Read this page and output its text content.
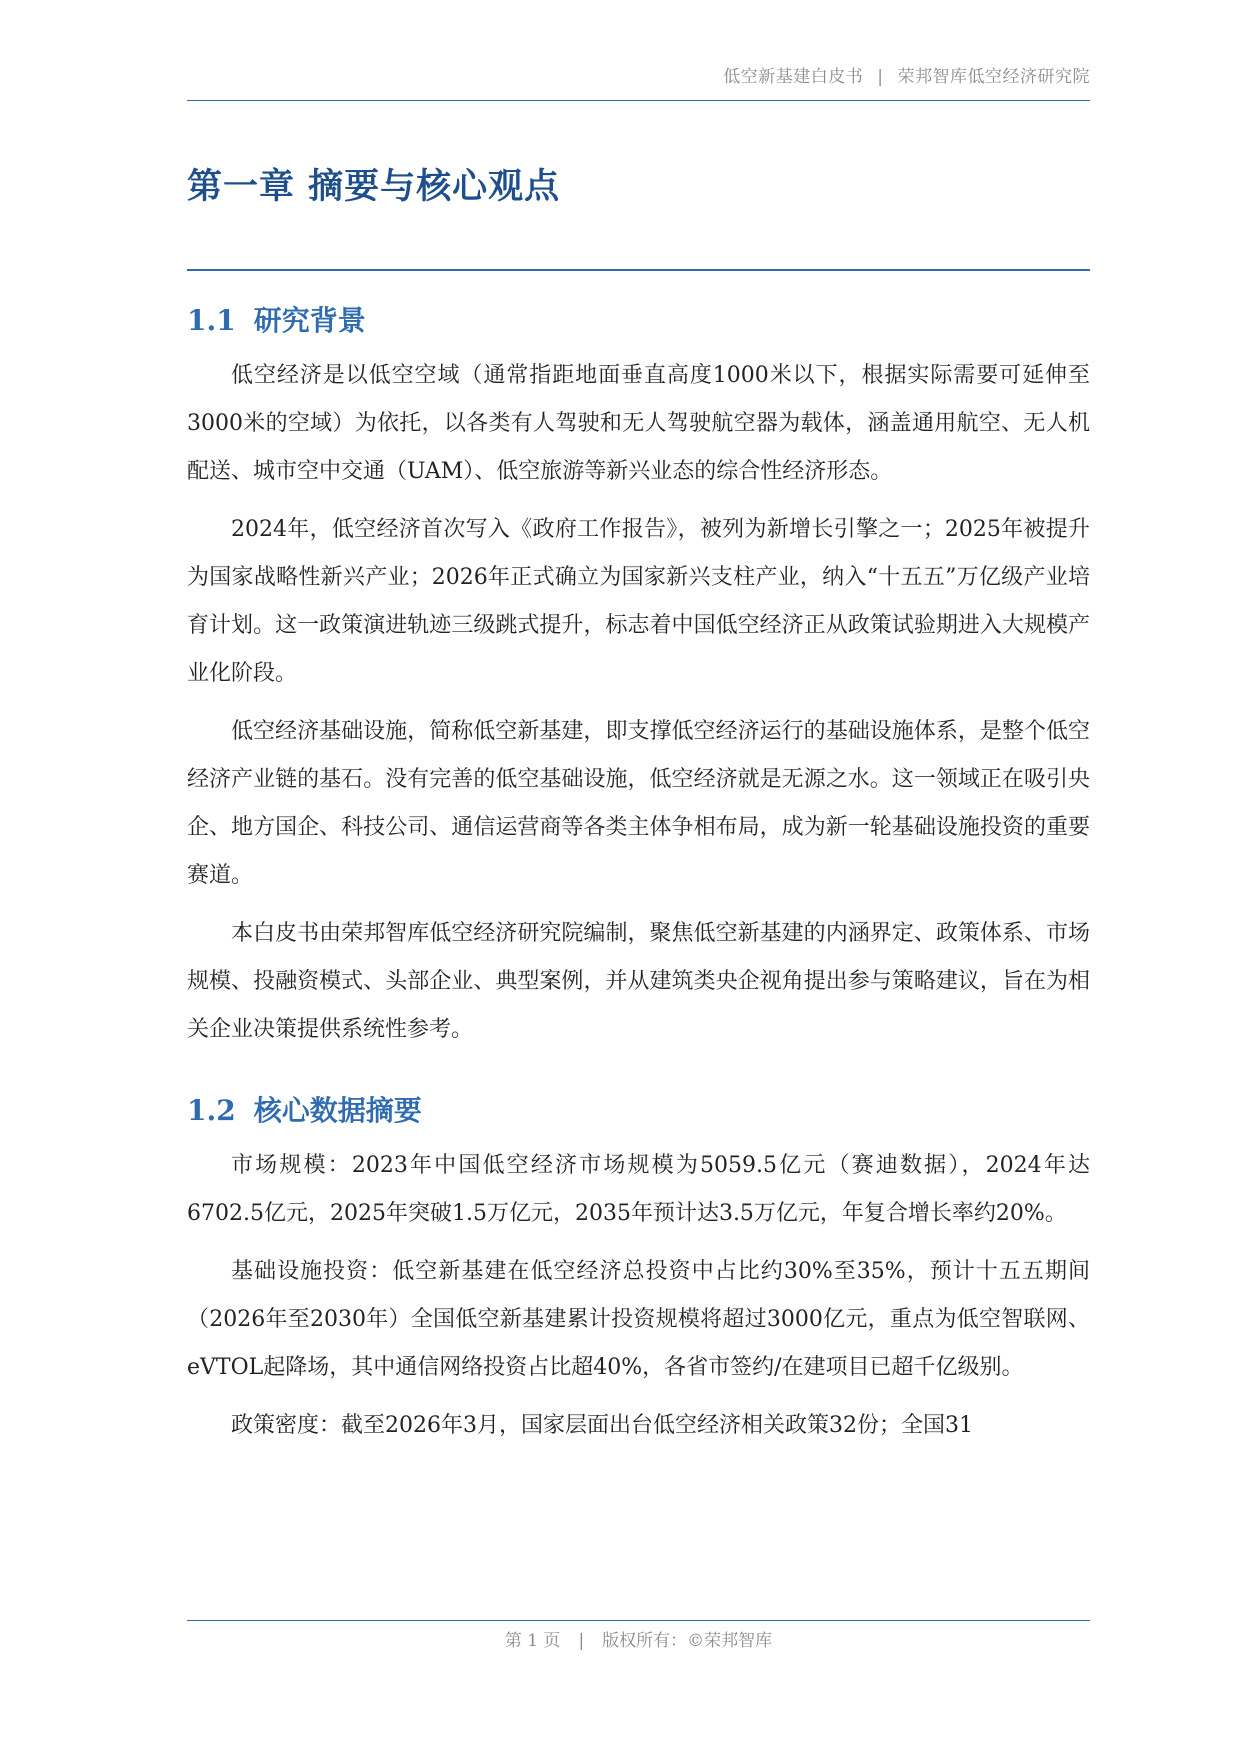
低空新基建白皮书 | 荣邦智库低空经济研究院
第一章 摘要与核心观点
1.1 研究背景

低空经济是以低空空域（通常指距地面垂直高度1000米以下，根据实际需要可延伸至3000米的空域）为依托，以各类有人驾驶和无人驾驶航空器为载体，涵盖通用航空、无人机配送、城市空中交通（UAM）、低空旅游等新兴业态的综合性经济形态。

2024年，低空经济首次写入《政府工作报告》，被列为新增长引擎之一；2025年被提升为国家战略性新兴产业；2026年正式确立为国家新兴支柱产业，纳入“十五五”万亿级产业培育计划。这一政策演进轨迹三级跳式提升，标志着中国低空经济正从政策试验期进入大规模产业化阶段。

低空经济基础设施，简称低空新基建，即支撑低空经济运行的基础设施体系，是整个低空经济产业链的基石。没有完善的低空基础设施，低空经济就是无源之水。这一领域正在吸引央企、地方国企、科技公司、通信运营商等各类主体争相布局，成为新一轮基础设施投资的重要赛道。

本白皮书由荣邦智库低空经济研究院编制，聚焦低空新基建的内涵界定、政策体系、市场规模、投融资模式、头部企业、典型案例，并从建筑类央企视角提出参与策略建议，旨在为相关企业决策提供系统性参考。

1.2 核心数据摘要

市场规模：2023年中国低空经济市场规模为5059.5亿元（赛迪数据），2024年达6702.5亿元，2025年突破1.5万亿元，2035年预计达3.5万亿元，年复合增长率约20%。

基础设施投资：低空新基建在低空经济总投资中占比约30%至35%，预计十五五期间（2026年至2030年）全国低空新基建累计投资规模将超过3000亿元，重点为低空智联网、eVTOL起降场，其中通信网络投资占比超40%，各省市签约/在建项目已超千亿级别。

政策密度：截至2026年3月，国家层面出台低空经济相关政策32份；全国31

第 1 页 | 版权所有：©荣邦智库
